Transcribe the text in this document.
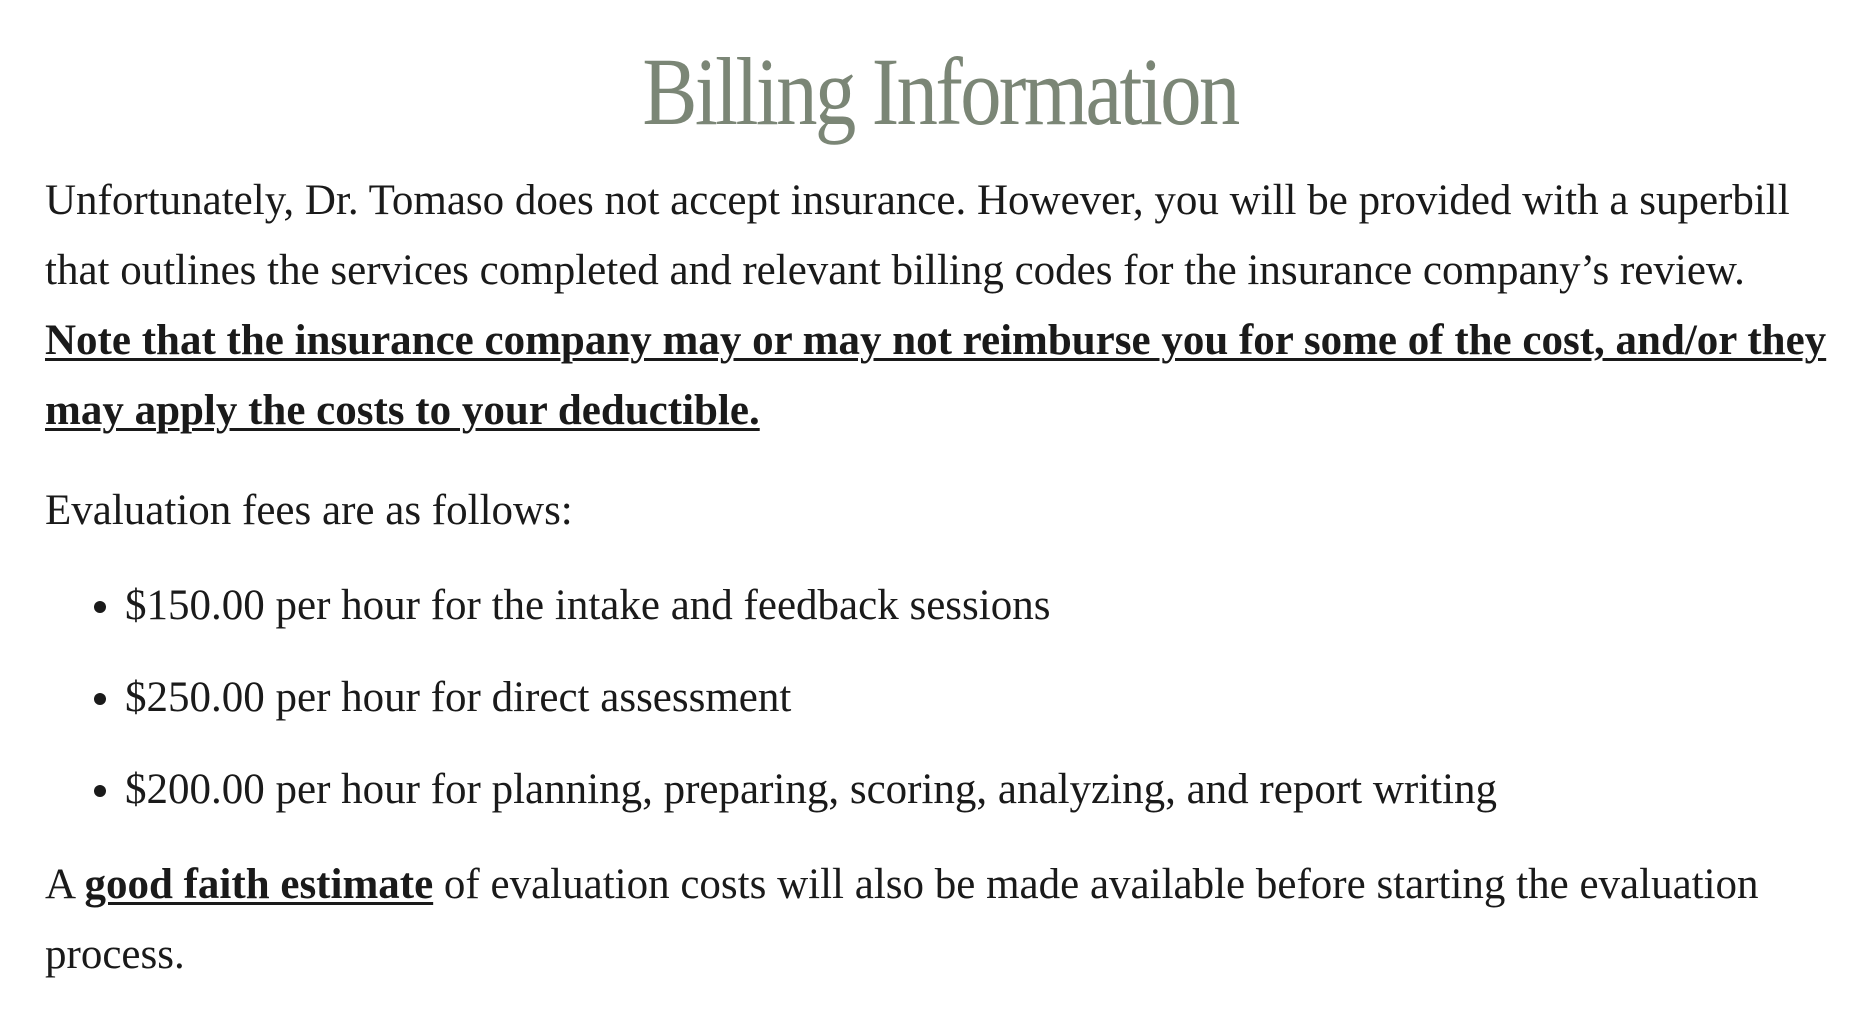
Billing Information

Unfortunately, Dr. Tomaso does not accept insurance. However, you will be provided with a superbill that outlines the services completed and relevant billing codes for the insurance company’s review. Note that the insurance company may or may not reimburse you for some of the cost, and/or they may apply the costs to your deductible.

Evaluation fees are as follows:

• $150.00 per hour for the intake and feedback sessions
• $250.00 per hour for direct assessment
• $200.00 per hour for planning, preparing, scoring, analyzing, and report writing

A good faith estimate of evaluation costs will also be made available before starting the evaluation process.
